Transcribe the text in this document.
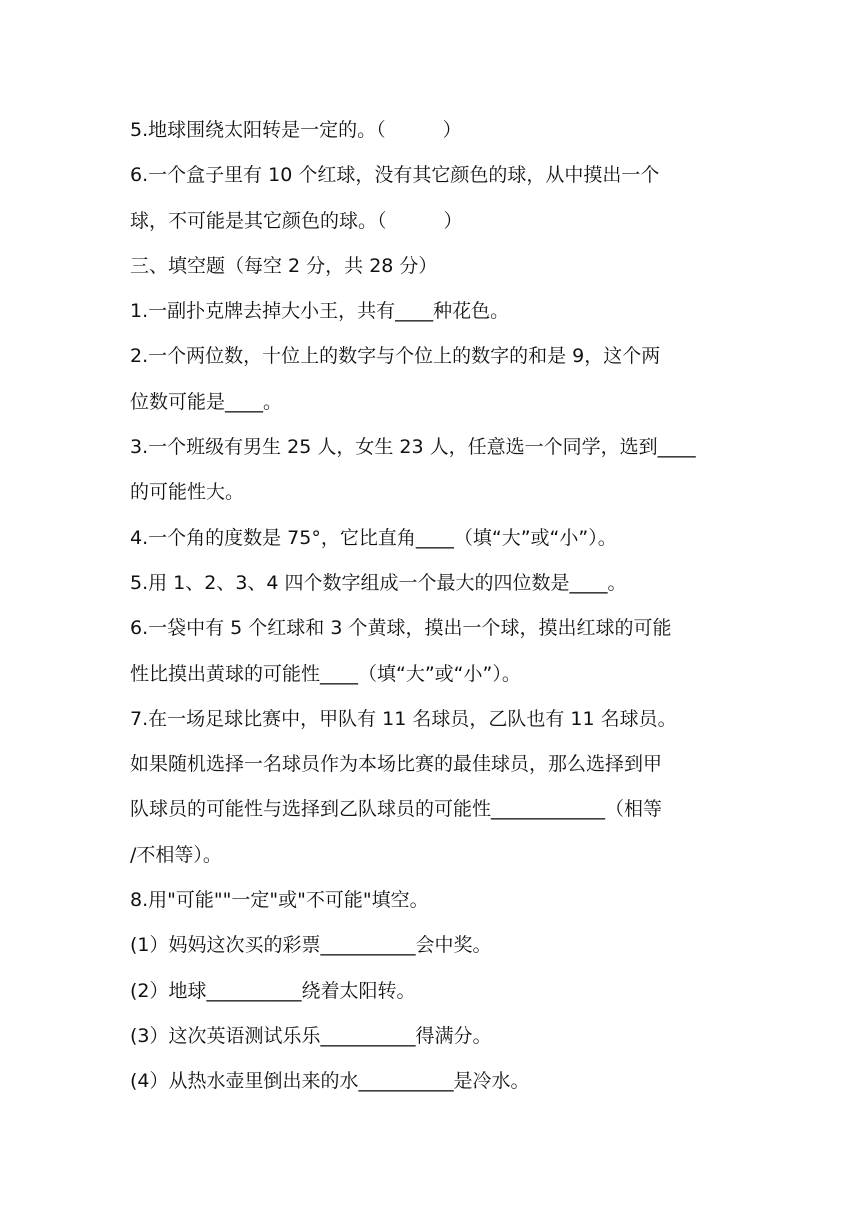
5.地球围绕太阳转是一定的。（　　　）
6.一个盒子里有 10 个红球，没有其它颜色的球，从中摸出一个
球，不可能是其它颜色的球。（　　　）
三、填空题（每空 2 分，共 28 分）
1.一副扑克牌去掉大小王，共有____种花色。
2.一个两位数，十位上的数字与个位上的数字的和是 9，这个两
位数可能是____。
3.一个班级有男生 25 人，女生 23 人，任意选一个同学，选到____
的可能性大。
4.一个角的度数是 75°，它比直角____（填“大”或“小”）。
5.用 1、2、3、4 四个数字组成一个最大的四位数是____。
6.一袋中有 5 个红球和 3 个黄球，摸出一个球，摸出红球的可能
性比摸出黄球的可能性____（填“大”或“小”）。
7.在一场足球比赛中，甲队有 11 名球员，乙队也有 11 名球员。
如果随机选择一名球员作为本场比赛的最佳球员，那么选择到甲
队球员的可能性与选择到乙队球员的可能性____________（相等
/不相等）。
8.用"可能""一定"或"不可能"填空。
(1）妈妈这次买的彩票__________会中奖。
(2）地球__________绕着太阳转。
(3）这次英语测试乐乐__________得满分。
(4）从热水壶里倒出来的水__________是冷水。
